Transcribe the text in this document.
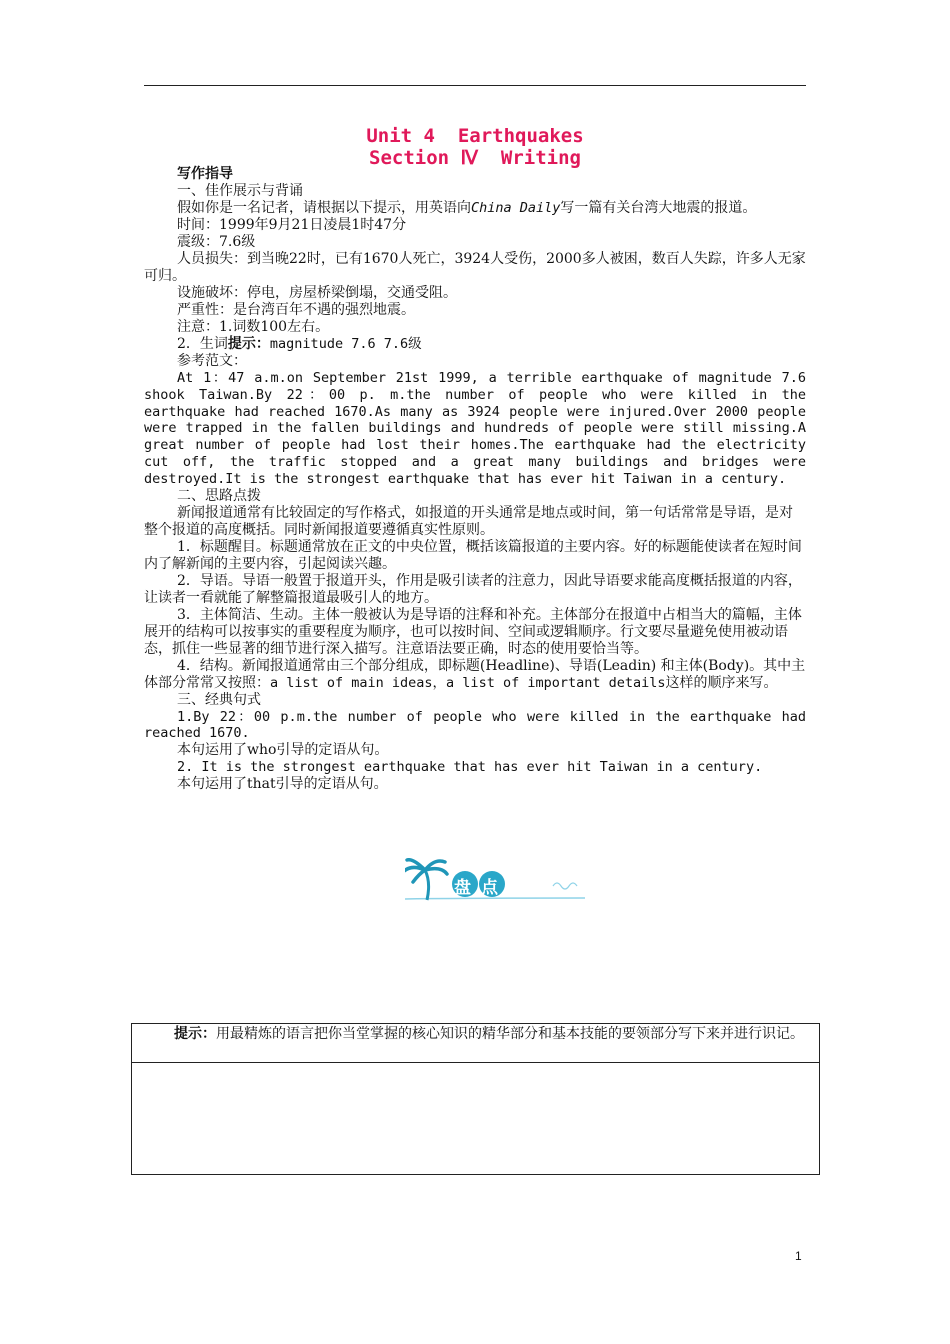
Unit 4  Earthquakes
Section Ⅳ  Writing

写作指导

一、佳作展示与背诵

假如你是一名记者，请根据以下提示，用英语向China Daily写一篇有关台湾大地震的报道。

时间：1999年9月21日凌晨1时47分

震级：7.6级

人员损失：到当晚22时，已有1670人死亡，3924人受伤，2000多人被困，数百人失踪，许多人无家可归。

设施破坏：停电，房屋桥梁倒塌，交通受阻。

严重性：是台湾百年不遇的强烈地震。

注意：1.词数100左右。

2．生词提示：magnitude 7.6 7.6级

参考范文：

At 1：47 a.m.on September 21st 1999, a terrible earthquake of magnitude 7.6 shook Taiwan.By 22：00 p. m.the number of people who were killed in the earthquake had reached 1670.As many as 3924 people were injured.Over 2000 people were trapped in the fallen buildings and hundreds of people were still missing.A great number of people had lost their homes.The earthquake had the electricity cut off, the traffic stopped and a great many buildings and bridges were destroyed.It is the strongest earthquake that has ever hit Taiwan in a century.

二、思路点拨

新闻报道通常有比较固定的写作格式，如报道的开头通常是地点或时间，第一句话常常是导语，是对整个报道的高度概括。同时新闻报道要遵循真实性原则。

1．标题醒目。标题通常放在正文的中央位置，概括该篇报道的主要内容。好的标题能使读者在短时间内了解新闻的主要内容，引起阅读兴趣。

2．导语。导语一般置于报道开头，作用是吸引读者的注意力，因此导语要求能高度概括报道的内容，让读者一看就能了解整篇报道最吸引人的地方。

3．主体简洁、生动。主体一般被认为是导语的注释和补充。主体部分在报道中占相当大的篇幅，主体展开的结构可以按事实的重要程度为顺序，也可以按时间、空间或逻辑顺序。行文要尽量避免使用被动语态，抓住一些显著的细节进行深入描写。注意语法要正确，时态的使用要恰当等。

4．结构。新闻报道通常由三个部分组成，即标题(Headline)、导语(Leadin) 和主体(Body)。其中主体部分常常又按照：a list of main ideas，a list of important details这样的顺序来写。

三、经典句式

1.By 22：00 p.m.the number of people who were killed in the earthquake had reached 1670.

本句运用了who引导的定语从句。

2. It is the strongest earthquake that has ever hit Taiwan in a century.

本句运用了that引导的定语从句。

盘点收获
提示：用最精炼的语言把你当堂掌握的核心知识的精华部分和基本技能的要领部分写下来并进行识记。
1
